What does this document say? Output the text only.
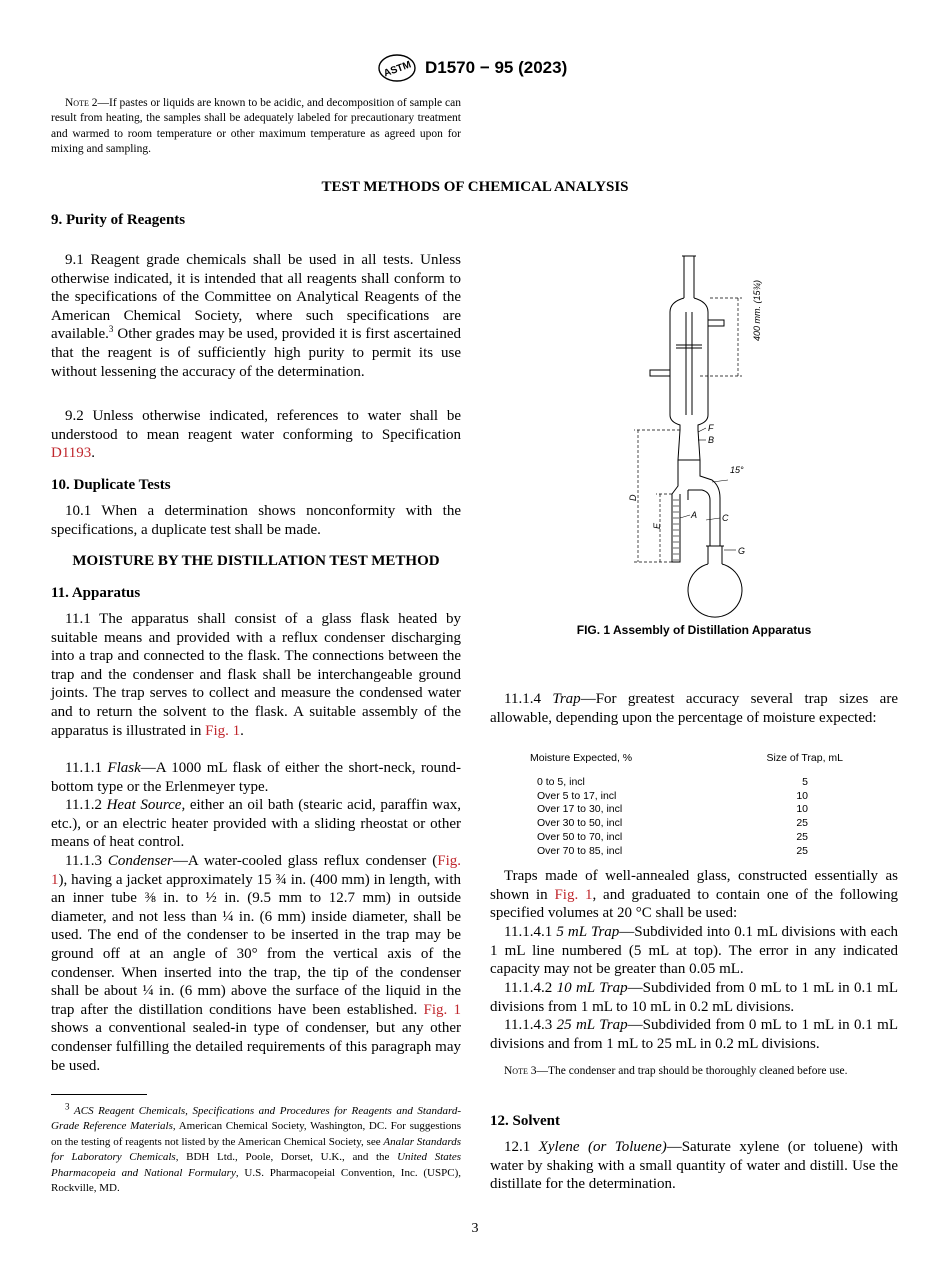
ASTM D1570 − 95 (2023)

Note 2—If pastes or liquids are known to be acidic, and decomposition of sample can result from heating, the samples shall be adequately labeled for precautionary treatment and warmed to room temperature or other maximum temperature as agreed upon for mixing and sampling.

TEST METHODS OF CHEMICAL ANALYSIS

9. Purity of Reagents

9.1 Reagent grade chemicals shall be used in all tests. Unless otherwise indicated, it is intended that all reagents shall conform to the specifications of the Committee on Analytical Reagents of the American Chemical Society, where such specifications are available.$^3$ Other grades may be used, provided it is first ascertained that the reagent is of sufficiently high purity to permit its use without lessening the accuracy of the determination.

9.2 Unless otherwise indicated, references to water shall be understood to mean reagent water conforming to Specification D1193.

10. Duplicate Tests

10.1 When a determination shows nonconformity with the specifications, a duplicate test shall be made.

MOISTURE BY THE DISTILLATION TEST METHOD

11. Apparatus

11.1 The apparatus shall consist of a glass flask heated by suitable means and provided with a reflux condenser discharging into a trap and connected to the flask. The connections between the trap and the condenser and flask shall be interchangeable ground joints. The trap serves to collect and measure the condensed water and to return the solvent to the flask. A suitable assembly of the apparatus is illustrated in Fig. 1.

11.1.1 Flask—A 1000 mL flask of either the short-neck, round-bottom type or the Erlenmeyer type.

11.1.2 Heat Source, either an oil bath (stearic acid, paraffin wax, etc.), or an electric heater provided with a sliding rheostat or other means of heat control.

11.1.3 Condenser—A water-cooled glass reflux condenser (Fig. 1), having a jacket approximately 15 ¾ in. (400 mm) in length, with an inner tube ⅜ in. to ½ in. (9.5 mm to 12.7 mm) in outside diameter, and not less than ¼ in. (6 mm) inside diameter, shall be used. The end of the condenser to be inserted in the trap may be ground off at an angle of 30° from the vertical axis of the condenser. When inserted into the trap, the tip of the condenser shall be about ¼ in. (6 mm) above the surface of the liquid in the trap after the distillation conditions have been established. Fig. 1 shows a conventional sealed-in type of condenser, but any other condenser fulfilling the detailed requirements of this paragraph may be used.

$^3$ ACS Reagent Chemicals, Specifications and Procedures for Reagents and Standard-Grade Reference Materials, American Chemical Society, Washington, DC. For suggestions on the testing of reagents not listed by the American Chemical Society, see Analar Standards for Laboratory Chemicals, BDH Ltd., Poole, Dorset, U.K., and the United States Pharmacopeia and National Formulary, U.S. Pharmacopeial Convention, Inc. (USPC), Rockville, MD.

F
B
D
E
A	C
G
15°
400 mm. (15¾)

FIG. 1 Assembly of Distillation Apparatus

11.1.4 Trap—For greatest accuracy several trap sizes are allowable, depending upon the percentage of moisture expected:

Moisture Expected, %	Size of Trap, mL

0 to 5, incl	5
Over 5 to 17, incl	10
Over 17 to 30, incl	10
Over 30 to 50, incl	25
Over 50 to 70, incl	25
Over 70 to 85, incl	25

Traps made of well-annealed glass, constructed essentially as shown in Fig. 1, and graduated to contain one of the following specified volumes at 20 °C shall be used:

11.1.4.1 5 mL Trap—Subdivided into 0.1 mL divisions with each 1 mL line numbered (5 mL at top). The error in any indicated capacity may not be greater than 0.05 mL.

11.1.4.2 10 mL Trap—Subdivided from 0 mL to 1 mL in 0.1 mL divisions from 1 mL to 10 mL in 0.2 mL divisions.

11.1.4.3 25 mL Trap—Subdivided from 0 mL to 1 mL in 0.1 mL divisions and from 1 mL to 25 mL in 0.2 mL divisions.

Note 3—The condenser and trap should be thoroughly cleaned before use.

12. Solvent

12.1 Xylene (or Toluene)—Saturate xylene (or toluene) with water by shaking with a small quantity of water and distill. Use the distillate for the determination.

3
